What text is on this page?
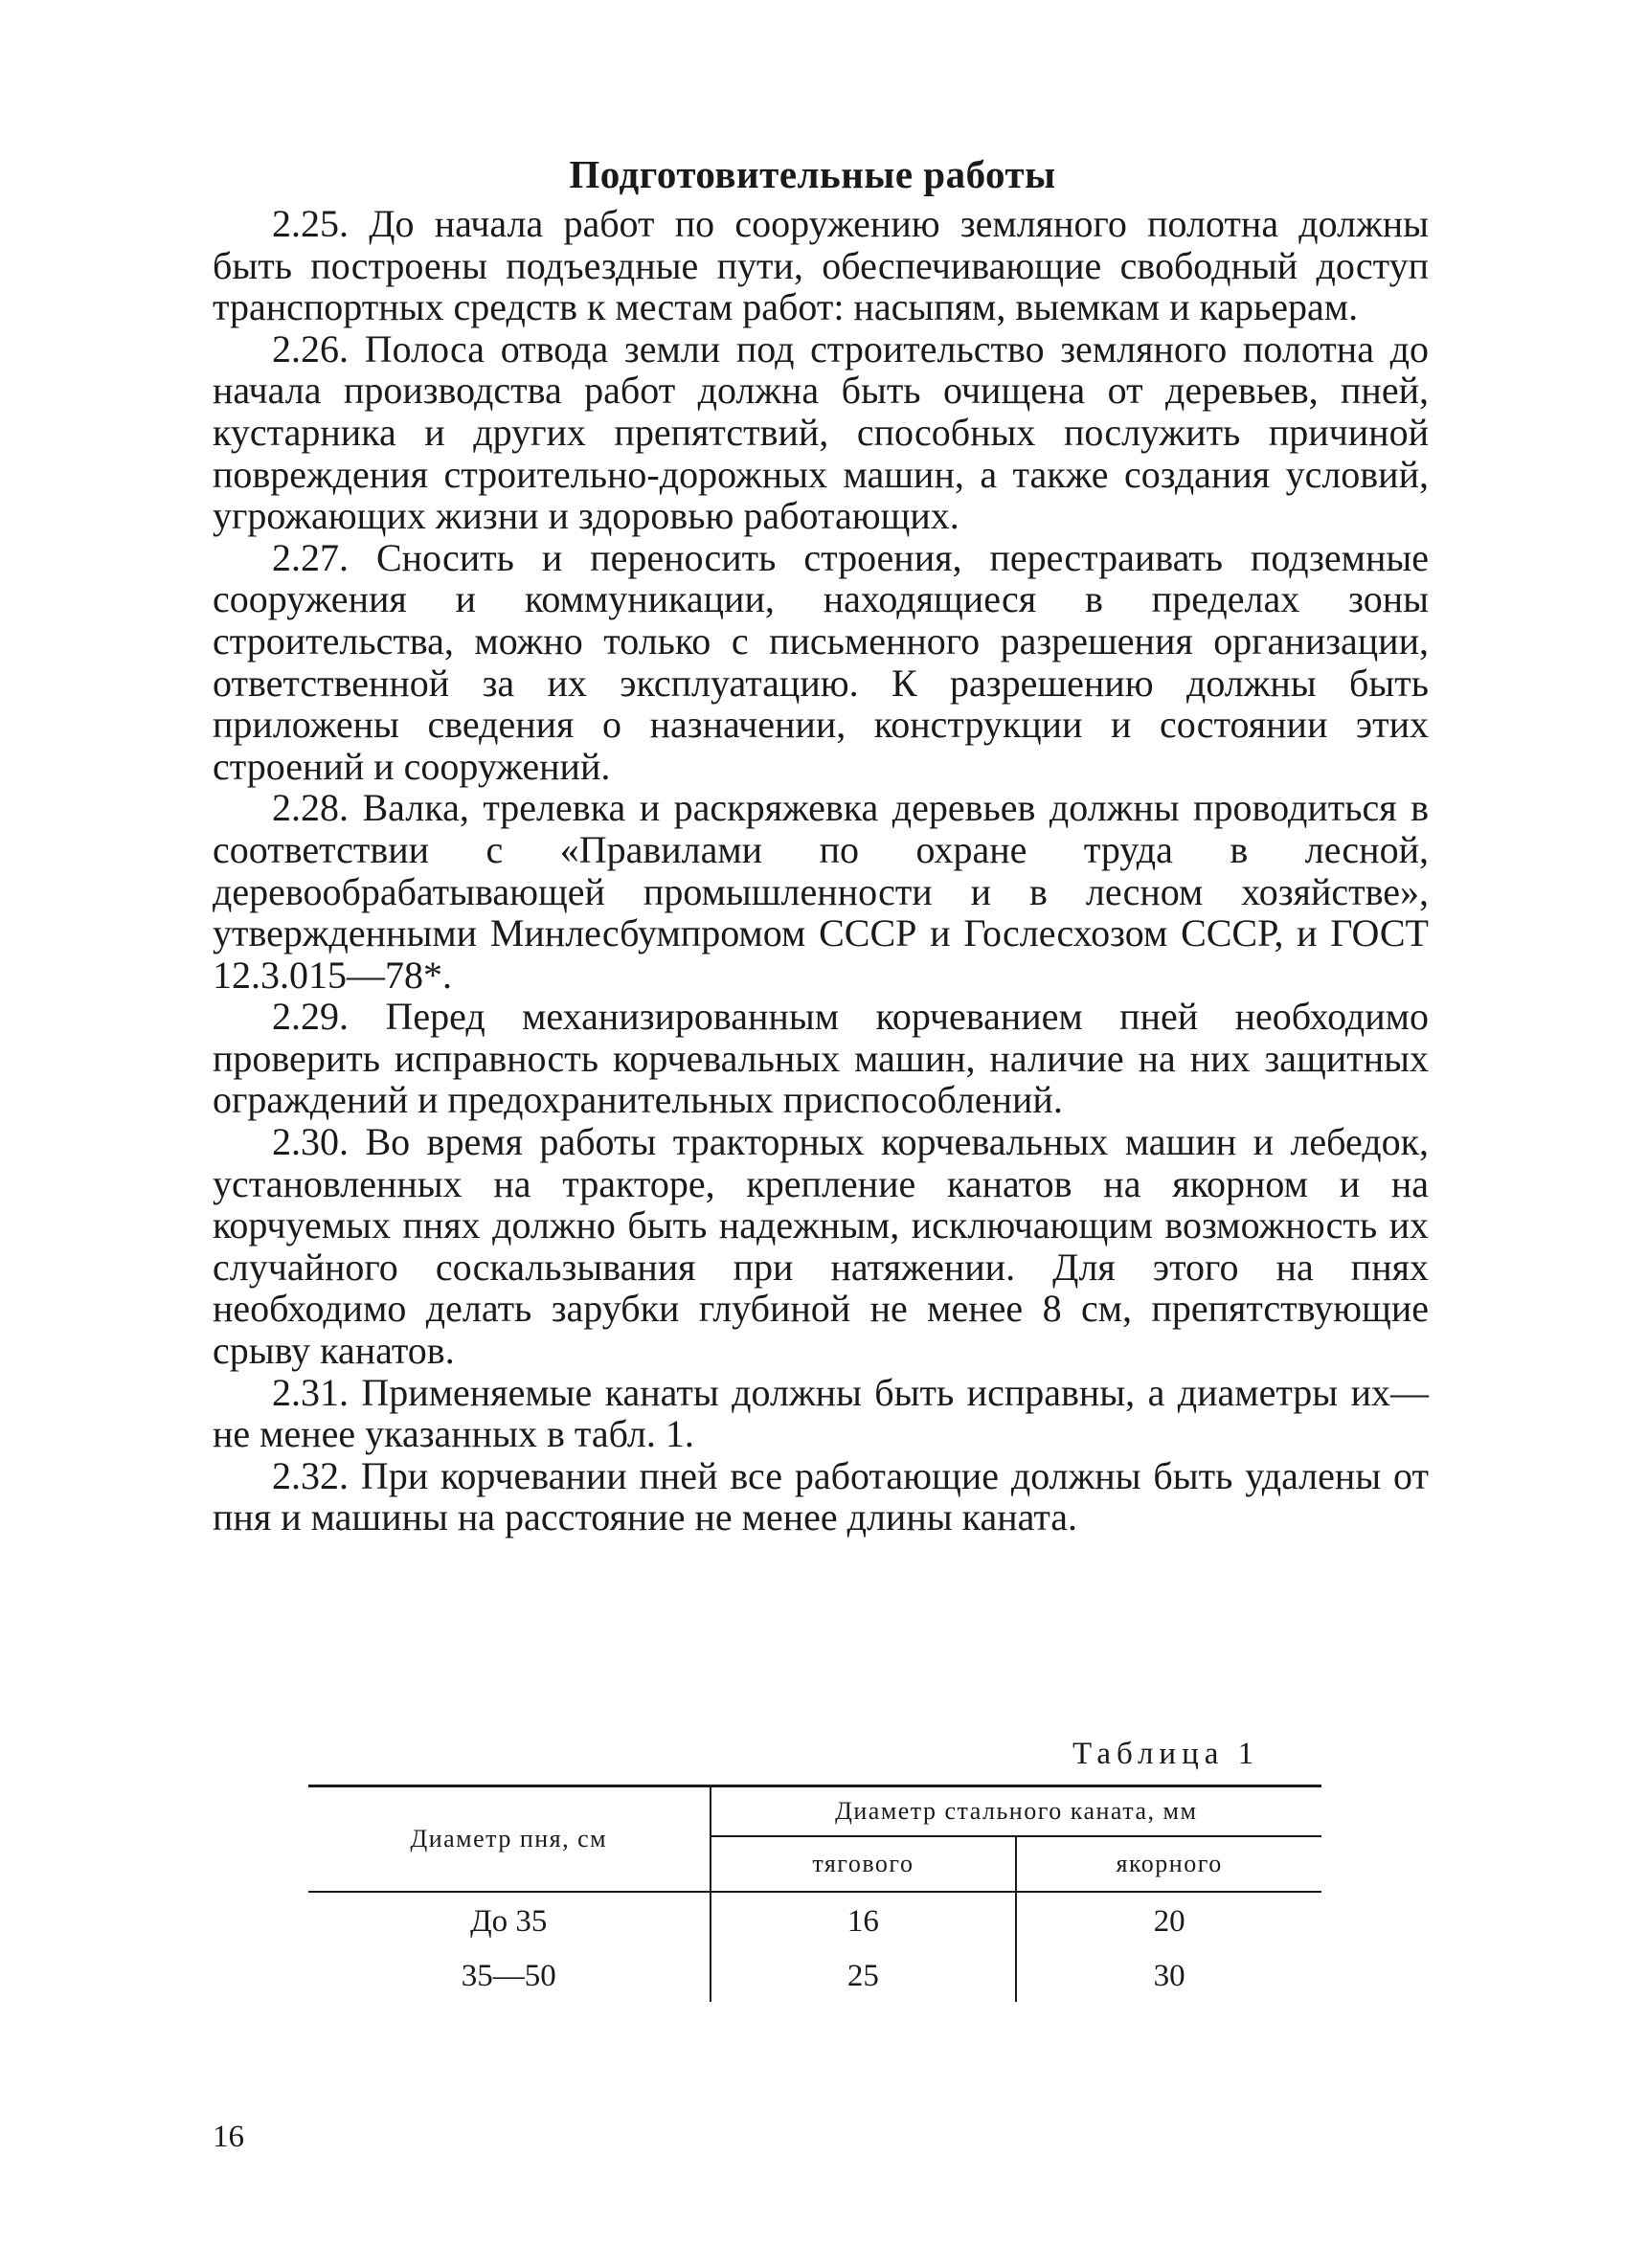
Подготовительные работы

2.25. До начала работ по сооружению земляного полотна должны быть построены подъездные пути, обеспечивающие свободный доступ транспортных средств к местам работ: насыпям, выемкам и карьерам.

2.26. Полоса отвода земли под строительство земляного полотна до начала производства работ должна быть очищена от деревьев, пней, кустарника и других препятствий, способных послужить причиной повреждения строительно-дорожных машин, а также создания условий, угрожающих жизни и здоровью работающих.

2.27. Сносить и переносить строения, перестраивать подземные сооружения и коммуникации, находящиеся в пределах зоны строительства, можно только с письменного разрешения организации, ответственной за их эксплуатацию. К разрешению должны быть приложены сведения о назначении, конструкции и состоянии этих строений и сооружений.

2.28. Валка, трелевка и раскряжевка деревьев должны проводиться в соответствии с «Правилами по охране труда в лесной, деревообрабатывающей промышленности и в лесном хозяйстве», утвержденными Минлесбумпромом СССР и Гослесхозом СССР, и ГОСТ 12.3.015—78*.

2.29. Перед механизированным корчеванием пней необходимо проверить исправность корчевальных машин, наличие на них защитных ограждений и предохранительных приспособлений.

2.30. Во время работы тракторных корчевальных машин и лебедок, установленных на тракторе, крепление канатов на якорном и на корчуемых пнях должно быть надежным, исключающим возможность их случайного соскальзывания при натяжении. Для этого на пнях необходимо делать зарубки глубиной не менее 8 см, препятствующие срыву канатов.

2.31. Применяемые канаты должны быть исправны, а диаметры их—не менее указанных в табл. 1.

2.32. При корчевании пней все работающие должны быть удалены от пня и машины на расстояние не менее длины каната.

Таблица 1
Диаметр пня, см	Диаметр стального каната, мм	
	тягового	якорного
До 35	16	20
35—50	25	30
16
